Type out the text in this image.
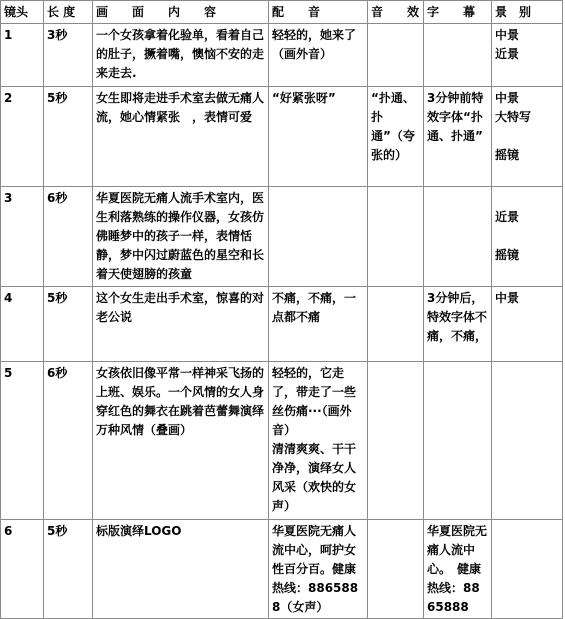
镜头	长 度	画　　面　　内　　容	配　　音	音　　效	字　　幕	景　别
1	3秒	一个女孩拿着化验单，看着自己的肚子，撅着嘴，懊恼不安的走来走去.	轻轻的，她来了（画外音）			中景
近景

2	5秒	女生即将走进手术室去做无痛人流，她心情紧张　，表情可爱	“好紧张呀”	“扑通、扑通”（夸张的）	3分钟前特效字体“扑通、扑通”	中景
大特写
摇镜

3	6秒	华夏医院无痛人流手术室内，医生利落熟练的操作仪器，女孩仿佛睡梦中的孩子一样，表情恬静，梦中闪过蔚蓝色的星空和长着天使翅膀的孩童				近景
摇镜

4	5秒	这个女生走出手术室，惊喜的对老公说	不痛，不痛，一点都不痛		3分钟后，特效字体不痛，不痛，	中景

5	6秒	女孩依旧像平常一样神采飞扬的上班、娱乐。一个风情的女人身穿红色的舞衣在跳着芭蕾舞演绎万种风情（叠画）	轻轻的，它走了，带走了一些丝伤痛···（画外音）
清清爽爽、干干净净，演绎女人风采（欢快的女声）			

6	5秒	标版演绎LOGO	华夏医院无痛人流中心，呵护女性百分百。健康热线：8865888（女声）		华夏医院无痛人流中心。　健康热线：8865888	
